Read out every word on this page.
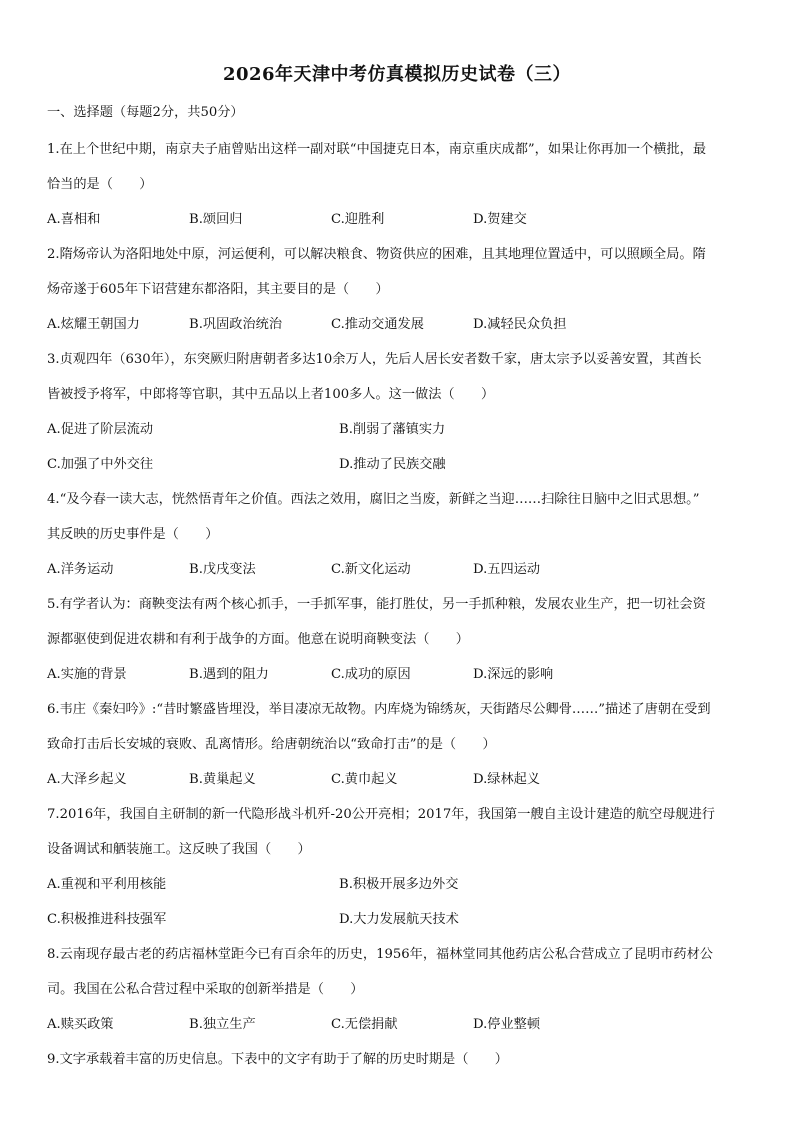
2026年天津中考仿真模拟历史试卷（三）
一、选择题（每题2分，共50分）
1.在上个世纪中期，南京夫子庙曾贴出这样一副对联“中国捷克日本，南京重庆成都”，如果让你再加一个横批，最
恰当的是（　　）
A.喜相和	B.颂回归	C.迎胜利	D.贺建交
2.隋炀帝认为洛阳地处中原，河运便利，可以解决粮食、物资供应的困难，且其地理位置适中，可以照顾全局。隋
炀帝遂于605年下诏营建东都洛阳，其主要目的是（　　）
A.炫耀王朝国力	B.巩固政治统治	C.推动交通发展	D.减轻民众负担
3.贞观四年（630年），东突厥归附唐朝者多达10余万人，先后人居长安者数千家，唐太宗予以妥善安置，其酋长
皆被授予将军，中郎将等官职，其中五品以上者100多人。这一做法（　　）
A.促进了阶层流动	B.削弱了藩镇实力
C.加强了中外交往	D.推动了民族交融
4.“及今春一读大志，恍然悟青年之价值。西法之效用，腐旧之当废，新鲜之当迎……扫除往日脑中之旧式思想。”
其反映的历史事件是（　　）
A.洋务运动	B.戊戌变法	C.新文化运动	D.五四运动
5.有学者认为：商鞅变法有两个核心抓手，一手抓军事，能打胜仗，另一手抓种粮，发展农业生产，把一切社会资
源都驱使到促进农耕和有利于战争的方面。他意在说明商鞅变法（　　）
A.实施的背景	B.遇到的阻力	C.成功的原因	D.深远的影响
6.韦庄《秦妇吟》:“昔时繁盛皆埋没，举目凄凉无故物。内库烧为锦绣灰，天街踏尽公卿骨……”描述了唐朝在受到
致命打击后长安城的衰败、乱离情形。给唐朝统治以“致命打击”的是（　　）
A.大泽乡起义	B.黄巢起义	C.黄巾起义	D.绿林起义
7.2016年，我国自主研制的新一代隐形战斗机歼-20公开亮相；2017年，我国第一艘自主设计建造的航空母舰进行
设备调试和舾装施工。这反映了我国（　　）
A.重视和平利用核能	B.积极开展多边外交
C.积极推进科技强军	D.大力发展航天技术
8.云南现存最古老的药店福林堂距今已有百余年的历史，1956年，福林堂同其他药店公私合营成立了昆明市药材公
司。我国在公私合营过程中采取的创新举措是（　　）
A.赎买政策	B.独立生产	C.无偿捐献	D.停业整顿
9.文字承载着丰富的历史信息。下表中的文字有助于了解的历史时期是（　　）
